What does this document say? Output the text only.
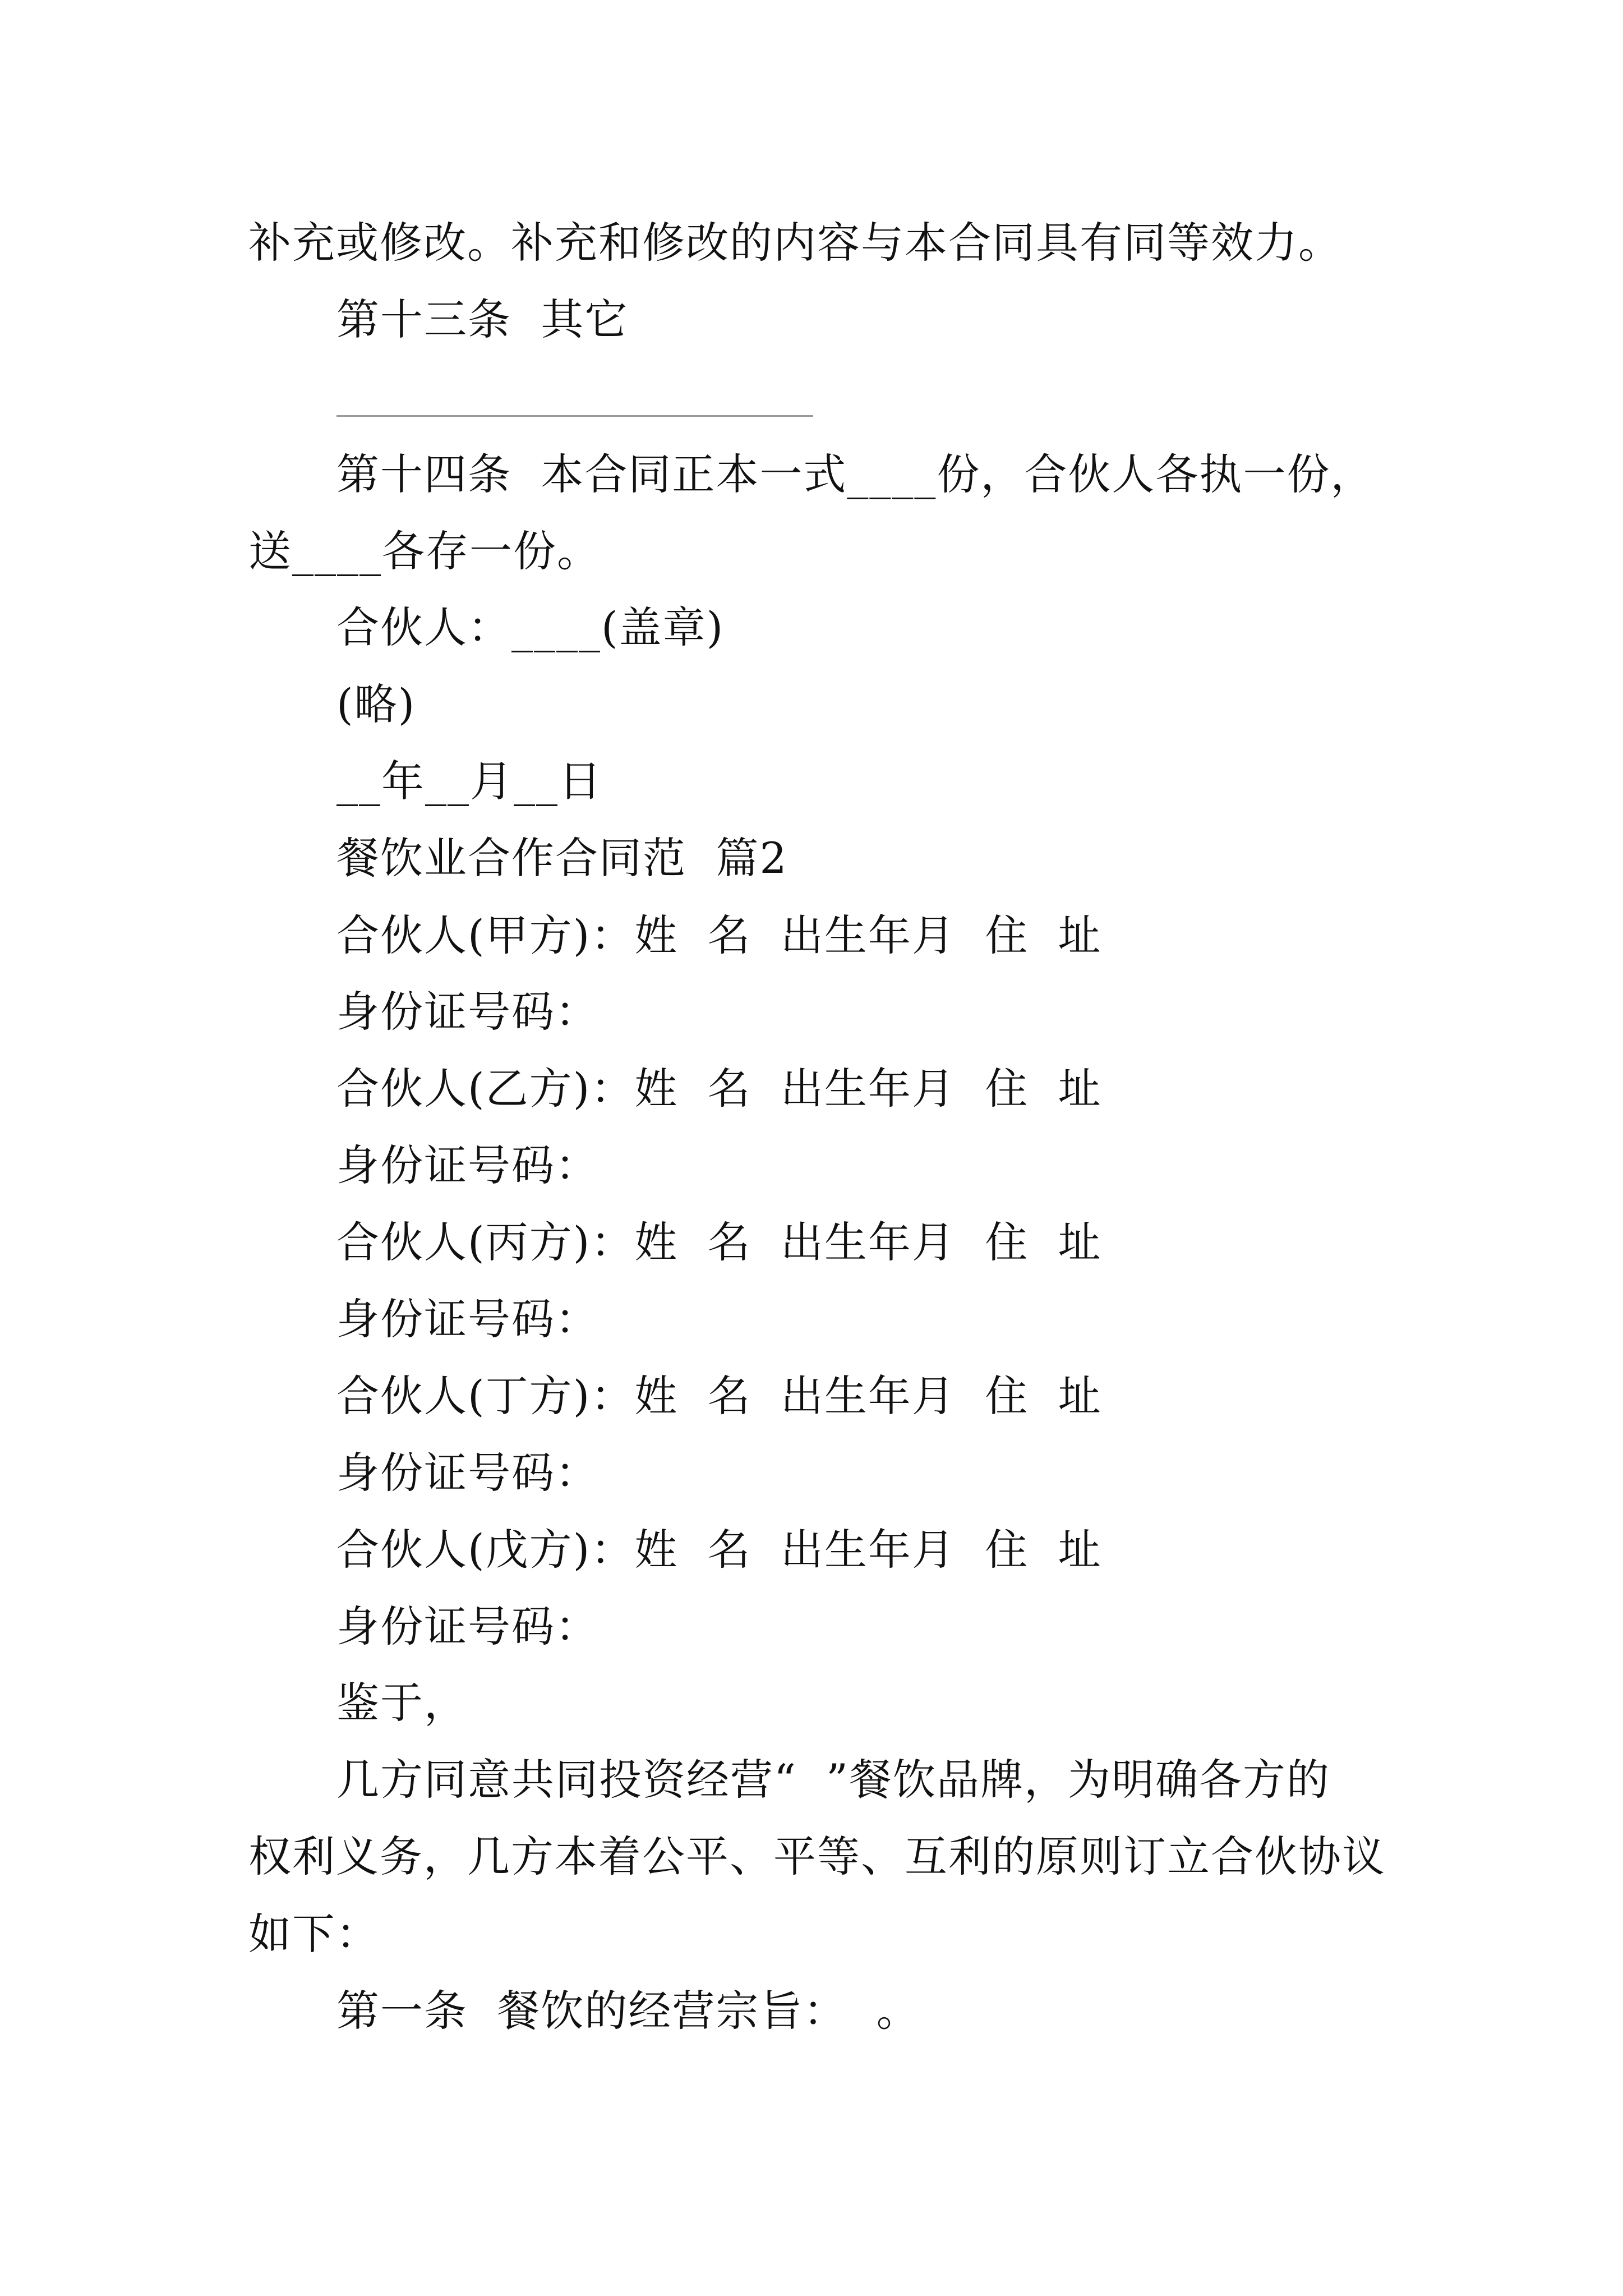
补充或修改。补充和修改的内容与本合同具有同等效力。
第十三条  其它
第十四条  本合同正本一式____份，合伙人各执一份，
送____各存一份。
合伙人：____(盖章)
(略)
__年__月__日
餐饮业合作合同范  篇2
合伙人(甲方)：姓  名  出生年月  住  址
身份证号码：
合伙人(乙方)：姓  名  出生年月  住  址
身份证号码：
合伙人(丙方)：姓  名  出生年月  住  址
身份证号码：
合伙人(丁方)：姓  名  出生年月  住  址
身份证号码：
合伙人(戊方)：姓  名  出生年月  住  址
身份证号码：
鉴于，
几方同意共同投资经营“  ”餐饮品牌，为明确各方的
权利义务，几方本着公平、平等、互利的原则订立合伙协议
如下：
第一条  餐饮的经营宗旨：  。
